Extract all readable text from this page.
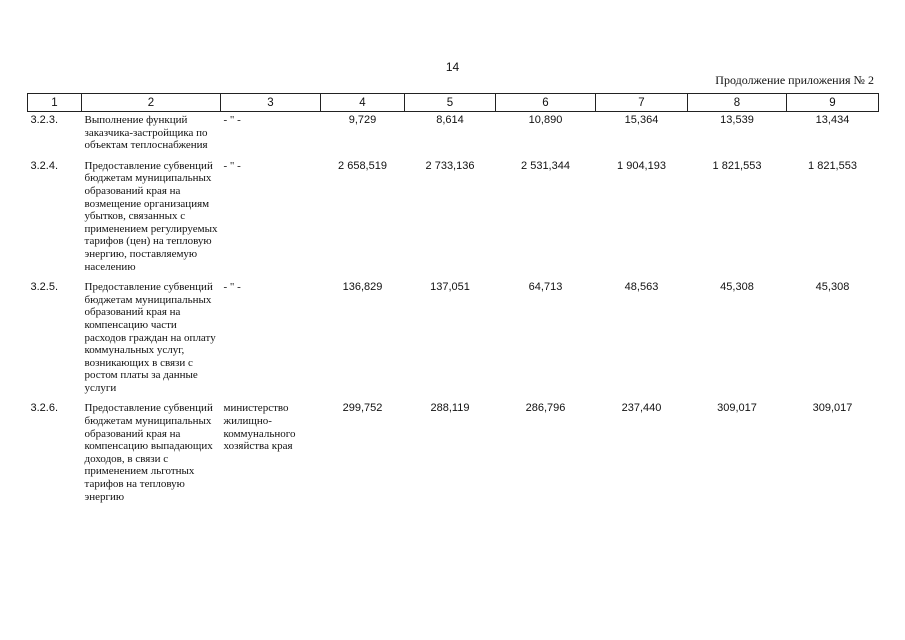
14
Продолжение приложения № 2
1	2	3	4	5	6	7	8	9
3.2.3.	Выполнение функций заказчика-застройщика по объектам теплоснабжения	- " -	9,729	8,614	10,890	15,364	13,539	13,434
3.2.4.	Предоставление субвенций бюджетам муниципальных образований края на возмещение организациям убытков, связанных с применением регулируемых тарифов (цен) на тепловую энергию, поставляемую населению	- " -	2 658,519	2 733,136	2 531,344	1 904,193	1 821,553	1 821,553
3.2.5.	Предоставление субвенций бюджетам муниципальных образований края на компенсацию части расходов граждан на оплату коммунальных услуг, возникающих в связи с ростом платы за данные услуги	- " -	136,829	137,051	64,713	48,563	45,308	45,308
3.2.6.	Предоставление субвенций бюджетам муниципальных образований края на компенсацию выпадающих доходов, в связи с применением льготных тарифов на тепловую энергию	министерство жилищно-коммунального хозяйства края	299,752	288,119	286,796	237,440	309,017	309,017
